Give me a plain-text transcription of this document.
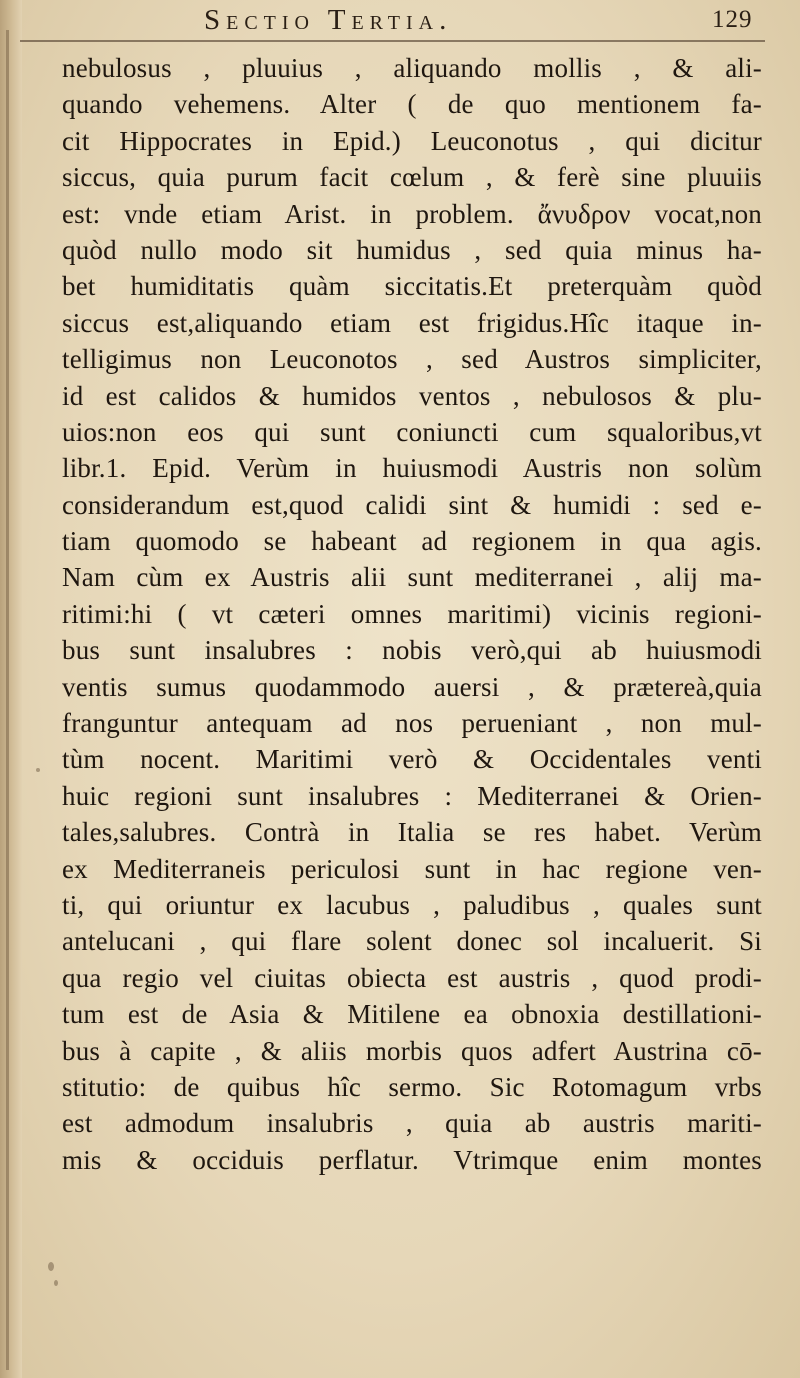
Sectio Tertia.	129
nebulosus , pluuius , aliquando mollis , & ali-
quando vehemens. Alter ( de quo mentionem fa-
cit Hippocrates in Epid.) Leuconotus , qui dicitur
siccus, quia purum facit cœlum , & ferè sine pluuiis
est: vnde etiam Arist. in problem. ἄνυδρον vocat,non
quòd nullo modo sit humidus , sed quia minus ha-
bet humiditatis quàm siccitatis.Et preterquàm quòd
siccus est,aliquando etiam est frigidus.Hîc itaque in-
telligimus non Leuconotos , sed Austros simpliciter,
id est calidos & humidos ventos , nebulosos & plu-
uios:non eos qui sunt coniuncti cum squaloribus,vt
libr.1. Epid. Verùm in huiusmodi Austris non solùm
considerandum est,quod calidi sint & humidi : sed e-
tiam quomodo se habeant ad regionem in qua agis.
Nam cùm ex Austris alii sunt mediterranei , alij ma-
ritimi:hi ( vt cæteri omnes maritimi) vicinis regioni-
bus sunt insalubres : nobis verò,qui ab huiusmodi
ventis sumus quodammodo auersi , & prætereà,quia
franguntur antequam ad nos perueniant , non mul-
tùm nocent. Maritimi verò & Occidentales venti
huic regioni sunt insalubres : Mediterranei & Orien-
tales,salubres. Contrà in Italia se res habet. Verùm
ex Mediterraneis periculosi sunt in hac regione ven-
ti, qui oriuntur ex lacubus , paludibus , quales sunt
antelucani , qui flare solent donec sol incaluerit. Si
qua regio vel ciuitas obiecta est austris , quod prodi-
tum est de Asia & Mitilene ea obnoxia destillationi-
bus à capite , & aliis morbis quos adfert Austrina cō-
stitutio: de quibus hîc sermo. Sic Rotomagum vrbs
est admodum insalubris , quia ab austris mariti-
mis & occiduis perflatur. Vtrimque enim montes
